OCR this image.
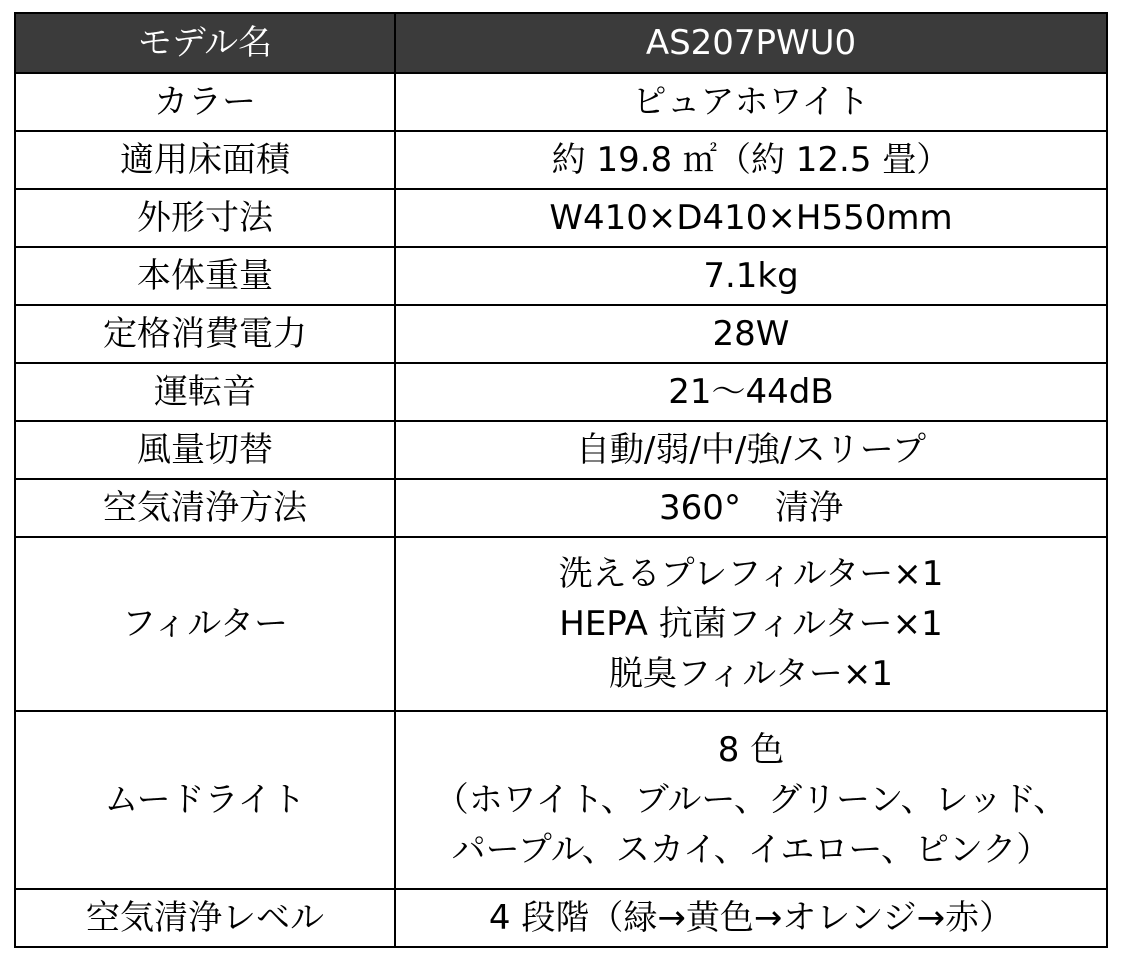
モデル名	AS207PWU0
カラー	ピュアホワイト
適用床面積	約 19.8 ㎡（約 12.5 畳）
外形寸法	W410×D410×H550mm
本体重量	7.1kg
定格消費電力	28W
運転音	21～44dB
風量切替	自動/弱/中/強/スリープ
空気清浄方法	360°　清浄
フィルター	洗えるプレフィルター×1
HEPA 抗菌フィルター×1
脱臭フィルター×1

ムードライト	8 色
（ホワイト、ブルー、グリーン、レッド、
パープル、スカイ、イエロー、ピンク）

空気清浄レベル	4 段階（緑→黄色→オレンジ→赤）
